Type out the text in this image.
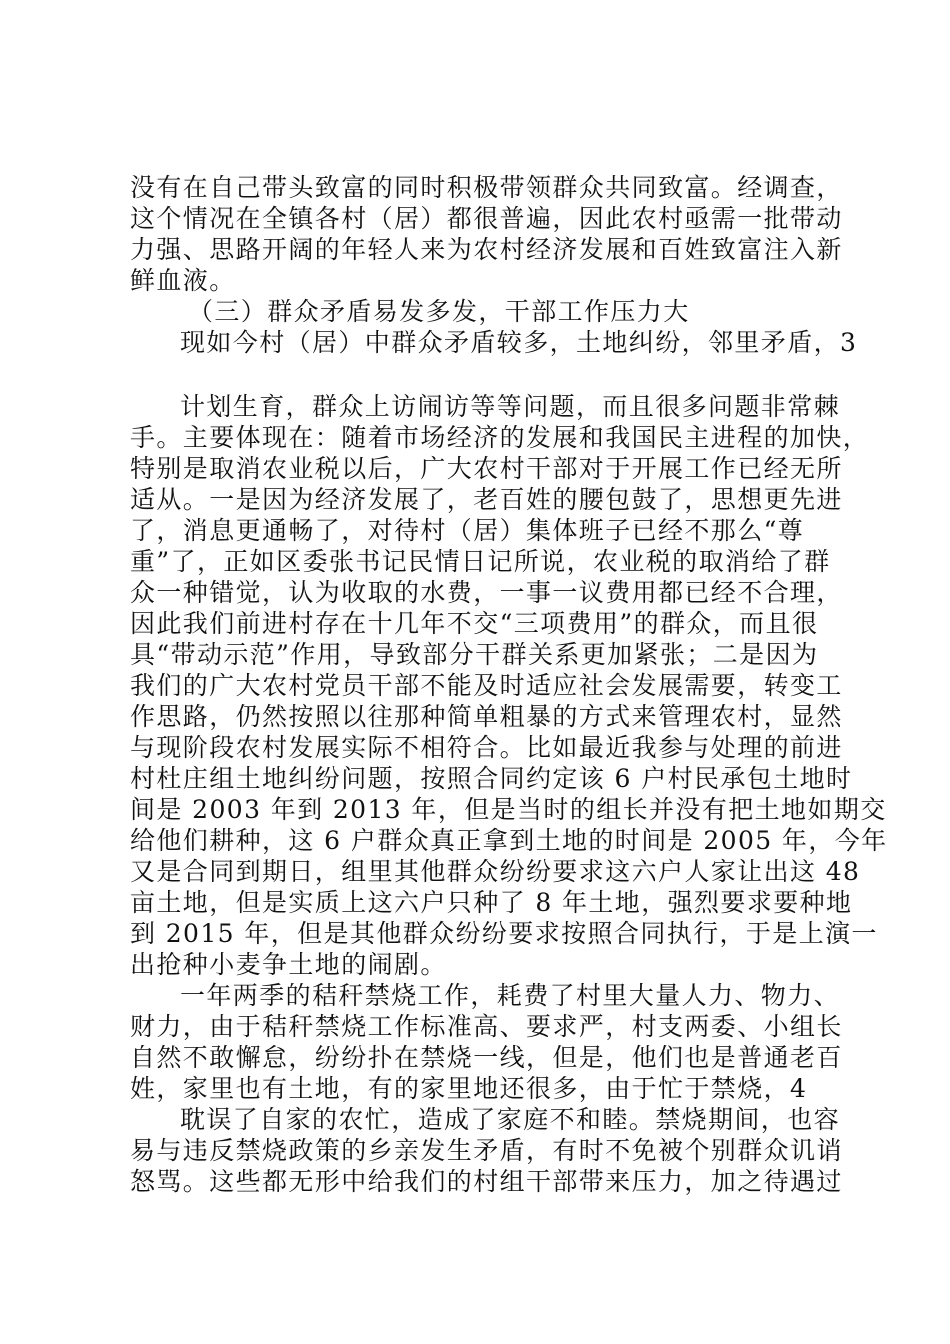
没有在自己带头致富的同时积极带领群众共同致富。经调查，
这个情况在全镇各村（居）都很普遍，因此农村亟需一批带动
力强、思路开阔的年轻人来为农村经济发展和百姓致富注入新
鲜血液。
（三）群众矛盾易发多发，干部工作压力大
现如今村（居）中群众矛盾较多，土地纠纷，邻里矛盾，3
计划生育，群众上访闹访等等问题，而且很多问题非常棘
手。主要体现在：随着市场经济的发展和我国民主进程的加快，
特别是取消农业税以后，广大农村干部对于开展工作已经无所
适从。一是因为经济发展了，老百姓的腰包鼓了，思想更先进
了，消息更通畅了，对待村（居）集体班子已经不那么“尊
重”了，正如区委张书记民情日记所说，农业税的取消给了群
众一种错觉，认为收取的水费，一事一议费用都已经不合理，
因此我们前进村存在十几年不交“三项费用”的群众，而且很
具“带动示范”作用，导致部分干群关系更加紧张；二是因为
我们的广大农村党员干部不能及时适应社会发展需要，转变工
作思路，仍然按照以往那种简单粗暴的方式来管理农村，显然
与现阶段农村发展实际不相符合。比如最近我参与处理的前进
村杜庄组土地纠纷问题，按照合同约定该 6 户村民承包土地时
间是 2003 年到 2013 年，但是当时的组长并没有把土地如期交
给他们耕种，这 6 户群众真正拿到土地的时间是 2005 年，今年
又是合同到期日，组里其他群众纷纷要求这六户人家让出这 48
亩土地，但是实质上这六户只种了 8 年土地，强烈要求要种地
到 2015 年，但是其他群众纷纷要求按照合同执行，于是上演一
出抢种小麦争土地的闹剧。
一年两季的秸秆禁烧工作，耗费了村里大量人力、物力、
财力，由于秸秆禁烧工作标准高、要求严，村支两委、小组长
自然不敢懈怠，纷纷扑在禁烧一线，但是，他们也是普通老百
姓，家里也有土地，有的家里地还很多，由于忙于禁烧，4
耽误了自家的农忙，造成了家庭不和睦。禁烧期间，也容
易与违反禁烧政策的乡亲发生矛盾，有时不免被个别群众讥诮
怒骂。这些都无形中给我们的村组干部带来压力，加之待遇过
